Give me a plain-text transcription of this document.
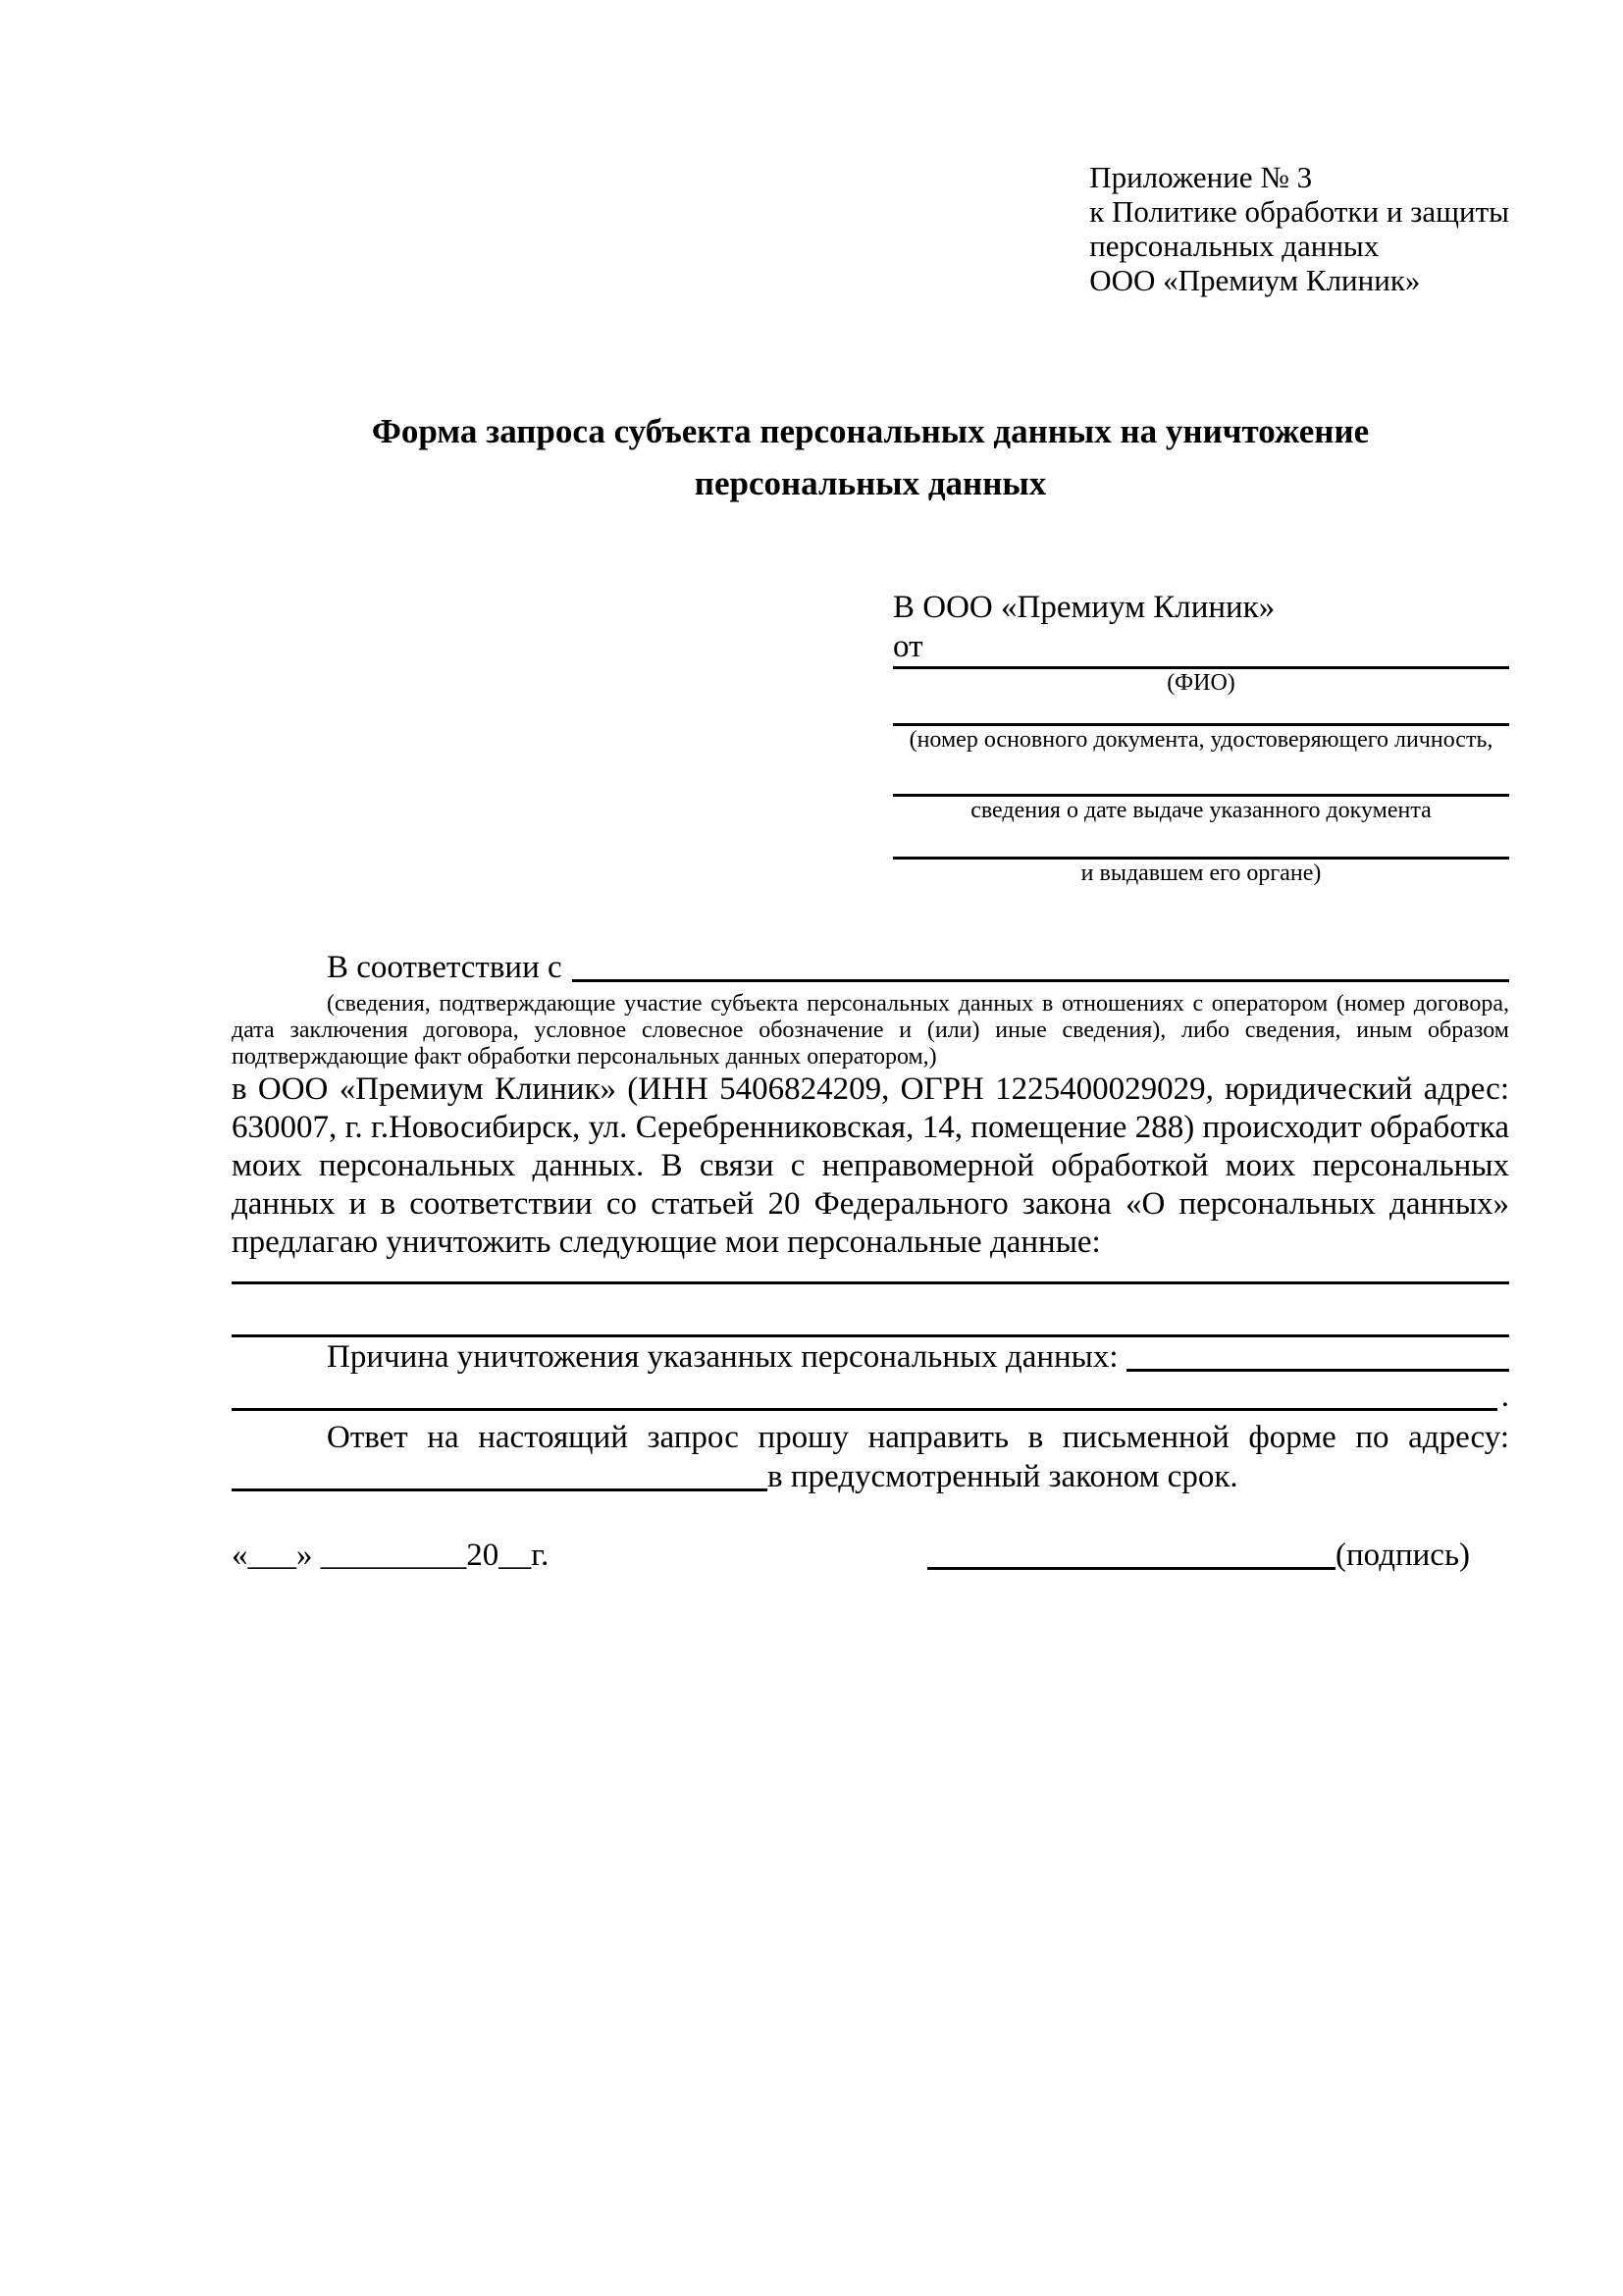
Приложение № 3
к Политике обработки и защиты
персональных данных
ООО «Премиум Клиник»
Форма запроса субъекта персональных данных на уничтожение
персональных данных
В ООО «Премиум Клиник»
от
(ФИО)
(номер основного документа, удостоверяющего личность,
сведения о дате выдаче указанного документа
и выдавшем его органе)
В соответствии с
(сведения, подтверждающие участие субъекта персональных данных в отношениях с оператором (номер договора, дата заключения договора, условное словесное обозначение и (или) иные сведения), либо сведения, иным образом подтверждающие факт обработки персональных данных оператором,)
в ООО «Премиум Клиник» (ИНН 5406824209, ОГРН 1225400029029, юридический адрес: 630007, г. г.Новосибирск, ул. Серебренниковская, 14, помещение 288) происходит обработка моих персональных данных. В связи с неправомерной обработкой моих персональных данных и в соответствии со статьей 20 Федерального закона «О персональных данных» предлагаю уничтожить следующие мои персональные данные:
Причина уничтожения указанных персональных данных:
.
Ответ на настоящий запрос прошу направить в письменной форме по адресу:
в предусмотренный законом срок.
«___» _________20__г.	(подпись)
